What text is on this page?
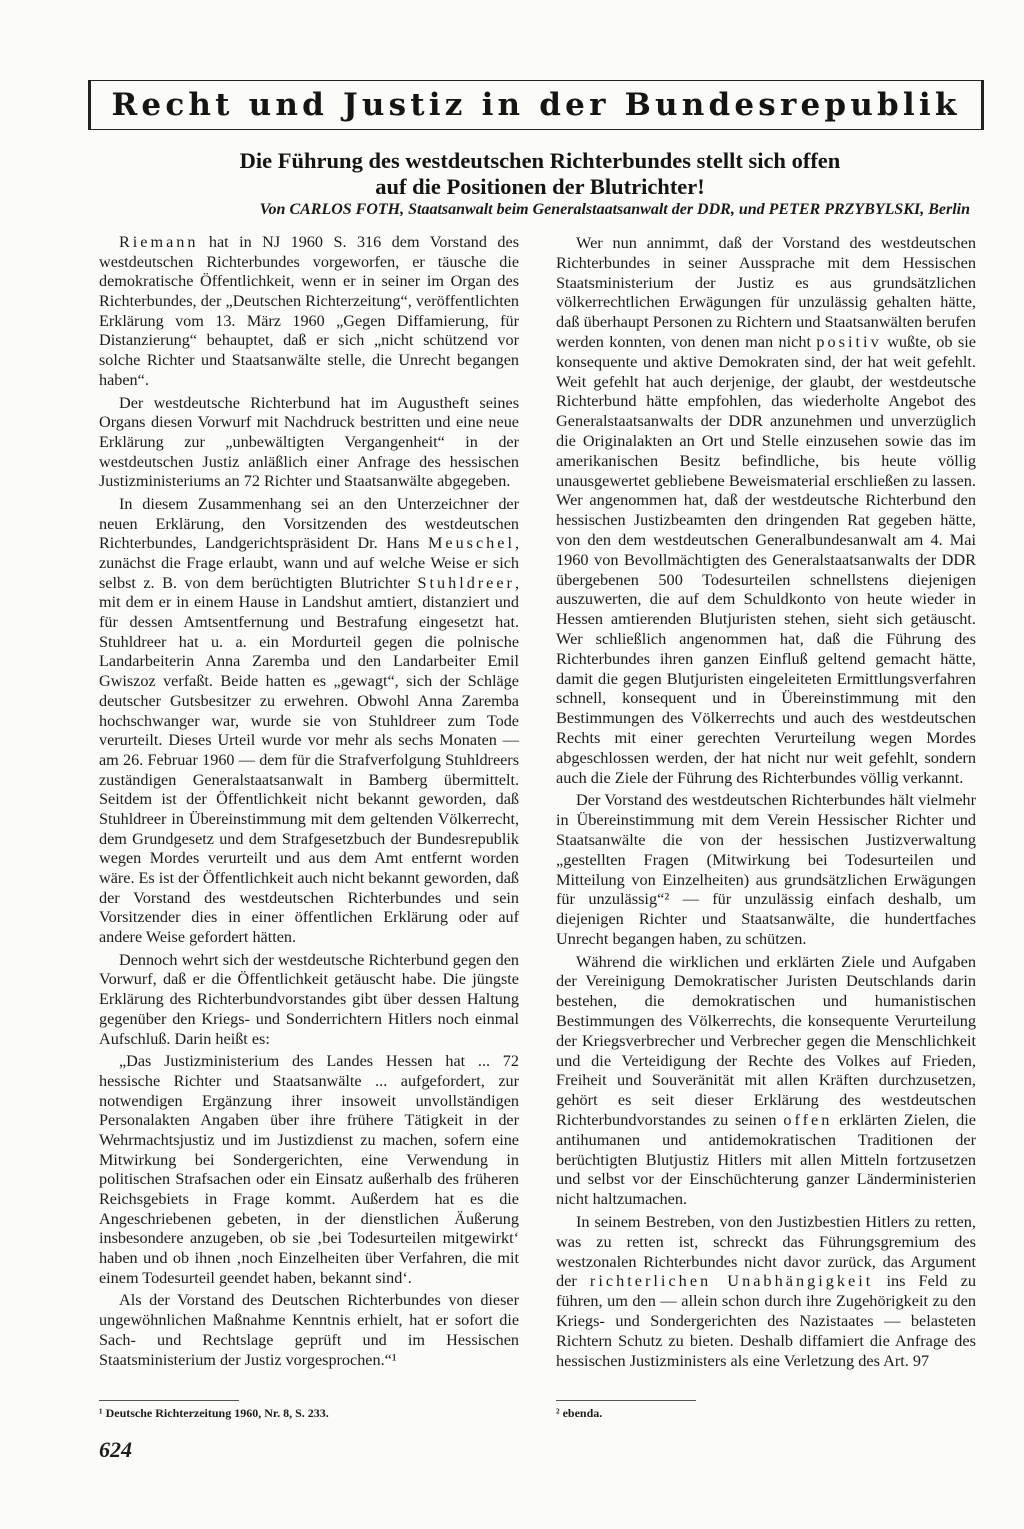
Recht und Justiz in der Bundesrepublik
Die Führung des westdeutschen Richterbundes stellt sich offen
auf die Positionen der Blutrichter!
Von CARLOS FOTH, Staatsanwalt beim Generalstaatsanwalt der DDR, und PETER PRZYBYLSKI, Berlin

Riemann hat in NJ 1960 S. 316 dem Vorstand des westdeutschen Richterbundes vorgeworfen, er täusche die demokratische Öffentlichkeit, wenn er in seiner im Organ des Richterbundes, der „Deutschen Richterzeitung“, veröffentlichten Erklärung vom 13. März 1960 „Gegen Diffamierung, für Distanzierung“ behauptet, daß er sich „nicht schützend vor solche Richter und Staatsanwälte stelle, die Unrecht begangen haben“.

Der westdeutsche Richterbund hat im Augustheft seines Organs diesen Vorwurf mit Nachdruck bestritten und eine neue Erklärung zur „unbewältigten Vergangenheit“ in der westdeutschen Justiz anläßlich einer Anfrage des hessischen Justizministeriums an 72 Richter und Staatsanwälte abgegeben.

In diesem Zusammenhang sei an den Unterzeichner der neuen Erklärung, den Vorsitzenden des westdeutschen Richterbundes, Landgerichtspräsident Dr. Hans Meuschel, zunächst die Frage erlaubt, wann und auf welche Weise er sich selbst z. B. von dem berüchtigten Blutrichter Stuhldreer, mit dem er in einem Hause in Landshut amtiert, distanziert und für dessen Amtsentfernung und Bestrafung eingesetzt hat. Stuhldreer hat u. a. ein Mordurteil gegen die polnische Landarbeiterin Anna Zaremba und den Landarbeiter Emil Gwiszoz verfaßt. Beide hatten es „gewagt“, sich der Schläge deutscher Gutsbesitzer zu erwehren. Obwohl Anna Zaremba hochschwanger war, wurde sie von Stuhldreer zum Tode verurteilt. Dieses Urteil wurde vor mehr als sechs Monaten — am 26. Februar 1960 — dem für die Strafverfolgung Stuhldreers zuständigen Generalstaatsanwalt in Bamberg übermittelt. Seitdem ist der Öffentlichkeit nicht bekannt geworden, daß Stuhldreer in Übereinstimmung mit dem geltenden Völkerrecht, dem Grundgesetz und dem Strafgesetzbuch der Bundesrepublik wegen Mordes verurteilt und aus dem Amt entfernt worden wäre. Es ist der Öffentlichkeit auch nicht bekannt geworden, daß der Vorstand des westdeutschen Richterbundes und sein Vorsitzender dies in einer öffentlichen Erklärung oder auf andere Weise gefordert hätten.

Dennoch wehrt sich der westdeutsche Richterbund gegen den Vorwurf, daß er die Öffentlichkeit getäuscht habe. Die jüngste Erklärung des Richterbundvorstandes gibt über dessen Haltung gegenüber den Kriegs- und Sonderrichtern Hitlers noch einmal Aufschluß. Darin heißt es:

„Das Justizministerium des Landes Hessen hat ... 72 hessische Richter und Staatsanwälte ... aufgefordert, zur notwendigen Ergänzung ihrer insoweit unvollständigen Personalakten Angaben über ihre frühere Tätigkeit in der Wehrmachtsjustiz und im Justizdienst zu machen, sofern eine Mitwirkung bei Sondergerichten, eine Verwendung in politischen Strafsachen oder ein Einsatz außerhalb des früheren Reichsgebiets in Frage kommt. Außerdem hat es die Angeschriebenen gebeten, in der dienstlichen Äußerung insbesondere anzugeben, ob sie ‚bei Todesurteilen mitgewirkt‘ haben und ob ihnen ‚noch Einzelheiten über Verfahren, die mit einem Todesurteil geendet haben, bekannt sind‘.

Als der Vorstand des Deutschen Richterbundes von dieser ungewöhnlichen Maßnahme Kenntnis erhielt, hat er sofort die Sach- und Rechtslage geprüft und im Hessischen Staatsministerium der Justiz vorgesprochen.“¹

Wer nun annimmt, daß der Vorstand des westdeutschen Richterbundes in seiner Aussprache mit dem Hessischen Staatsministerium der Justiz es aus grundsätzlichen völkerrechtlichen Erwägungen für unzulässig gehalten hätte, daß überhaupt Personen zu Richtern und Staatsanwälten berufen werden konnten, von denen man nicht positiv wußte, ob sie konsequente und aktive Demokraten sind, der hat weit gefehlt. Weit gefehlt hat auch derjenige, der glaubt, der westdeutsche Richterbund hätte empfohlen, das wiederholte Angebot des Generalstaatsanwalts der DDR anzunehmen und unverzüglich die Originalakten an Ort und Stelle einzusehen sowie das im amerikanischen Besitz befindliche, bis heute völlig unausgewertet gebliebene Beweismaterial erschließen zu lassen. Wer angenommen hat, daß der westdeutsche Richterbund den hessischen Justizbeamten den dringenden Rat gegeben hätte, von den dem westdeutschen Generalbundesanwalt am 4. Mai 1960 von Bevollmächtigten des Generalstaatsanwalts der DDR übergebenen 500 Todesurteilen schnellstens diejenigen auszuwerten, die auf dem Schuldkonto von heute wieder in Hessen amtierenden Blutjuristen stehen, sieht sich getäuscht. Wer schließlich angenommen hat, daß die Führung des Richterbundes ihren ganzen Einfluß geltend gemacht hätte, damit die gegen Blutjuristen eingeleiteten Ermittlungsverfahren schnell, konsequent und in Übereinstimmung mit den Bestimmungen des Völkerrechts und auch des westdeutschen Rechts mit einer gerechten Verurteilung wegen Mordes abgeschlossen werden, der hat nicht nur weit gefehlt, sondern auch die Ziele der Führung des Richterbundes völlig verkannt.

Der Vorstand des westdeutschen Richterbundes hält vielmehr in Übereinstimmung mit dem Verein Hessischer Richter und Staatsanwälte die von der hessischen Justizverwaltung „gestellten Fragen (Mitwirkung bei Todesurteilen und Mitteilung von Einzelheiten) aus grundsätzlichen Erwägungen für unzulässig“² — für unzulässig einfach deshalb, um diejenigen Richter und Staatsanwälte, die hundertfaches Unrecht begangen haben, zu schützen.

Während die wirklichen und erklärten Ziele und Aufgaben der Vereinigung Demokratischer Juristen Deutschlands darin bestehen, die demokratischen und humanistischen Bestimmungen des Völkerrechts, die konsequente Verurteilung der Kriegsverbrecher und Verbrecher gegen die Menschlichkeit und die Verteidigung der Rechte des Volkes auf Frieden, Freiheit und Souveränität mit allen Kräften durchzusetzen, gehört es seit dieser Erklärung des westdeutschen Richterbundvorstandes zu seinen offen erklärten Zielen, die antihumanen und antidemokratischen Traditionen der berüchtigten Blutjustiz Hitlers mit allen Mitteln fortzusetzen und selbst vor der Einschüchterung ganzer Länderministerien nicht haltzumachen.

In seinem Bestreben, von den Justizbestien Hitlers zu retten, was zu retten ist, schreckt das Führungsgremium des westzonalen Richterbundes nicht davor zurück, das Argument der richterlichen Unabhängigkeit ins Feld zu führen, um den — allein schon durch ihre Zugehörigkeit zu den Kriegs- und Sondergerichten des Nazistaates — belasteten Richtern Schutz zu bieten. Deshalb diffamiert die Anfrage des hessischen Justizministers als eine Verletzung des Art. 97

¹ Deutsche Richterzeitung 1960, Nr. 8, S. 233.	² ebenda.
624
